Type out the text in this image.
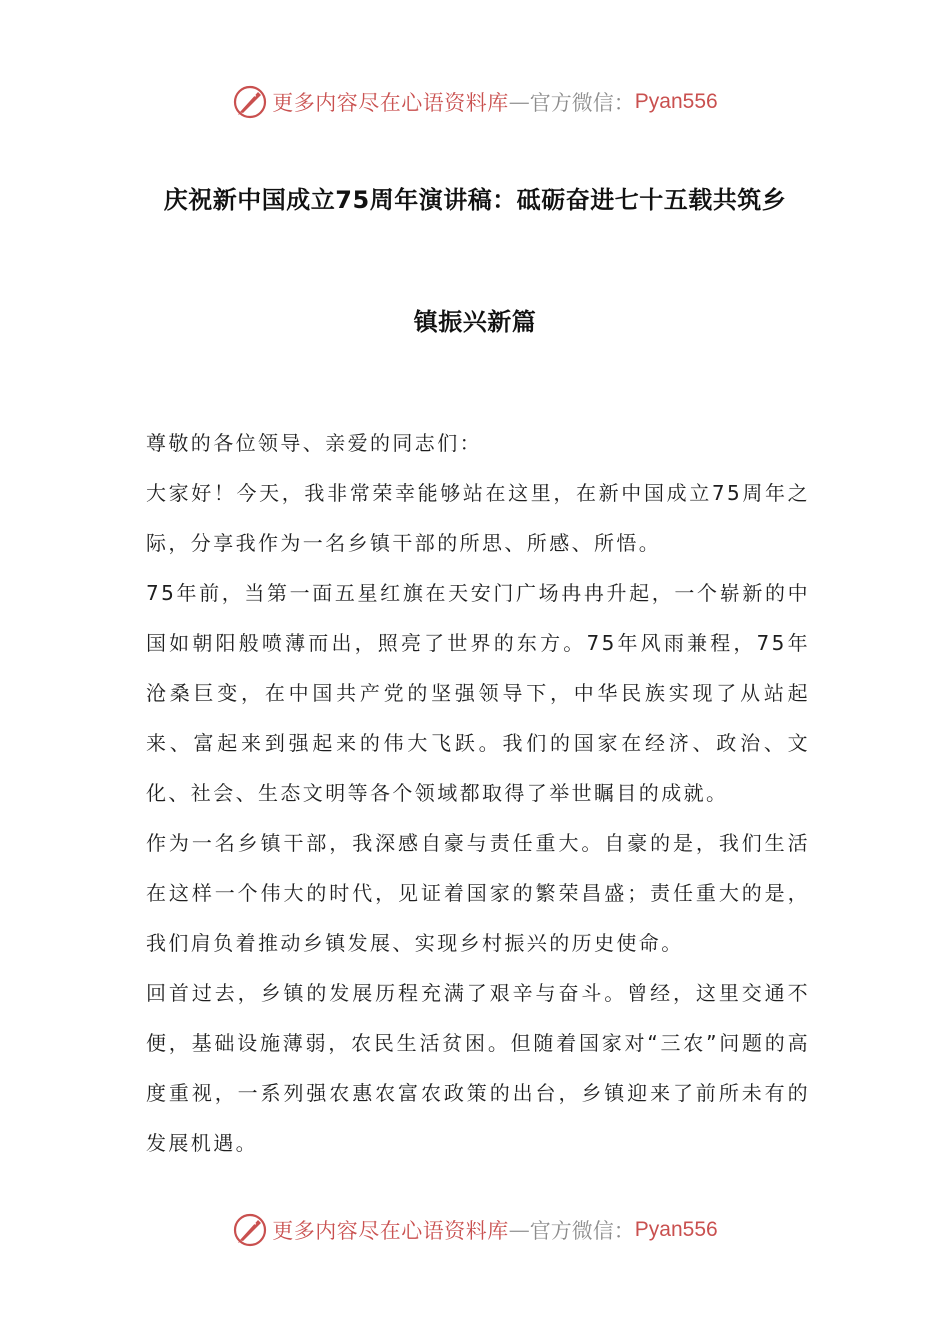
更多内容尽在心语资料库 — 官方微信： Pyan556
庆祝新中国成立75周年演讲稿：砥砺奋进七十五载共筑乡
镇振兴新篇

尊敬的各位领导、亲爱的同志们：

大家好！今天，我非常荣幸能够站在这里，在新中国成立75周年之际，分享我作为一名乡镇干部的所思、所感、所悟。

75年前，当第一面五星红旗在天安门广场冉冉升起，一个崭新的中国如朝阳般喷薄而出，照亮了世界的东方。75年风雨兼程，75年沧桑巨变，在中国共产党的坚强领导下，中华民族实现了从站起来、富起来到强起来的伟大飞跃。我们的国家在经济、政治、文化、社会、生态文明等各个领域都取得了举世瞩目的成就。

作为一名乡镇干部，我深感自豪与责任重大。自豪的是，我们生活在这样一个伟大的时代，见证着国家的繁荣昌盛；责任重大的是，我们肩负着推动乡镇发展、实现乡村振兴的历史使命。

回首过去，乡镇的发展历程充满了艰辛与奋斗。曾经，这里交通不便，基础设施薄弱，农民生活贫困。但随着国家对“三农”问题的高度重视，一系列强农惠农富农政策的出台，乡镇迎来了前所未有的发展机遇。

更多内容尽在心语资料库 — 官方微信： Pyan556
